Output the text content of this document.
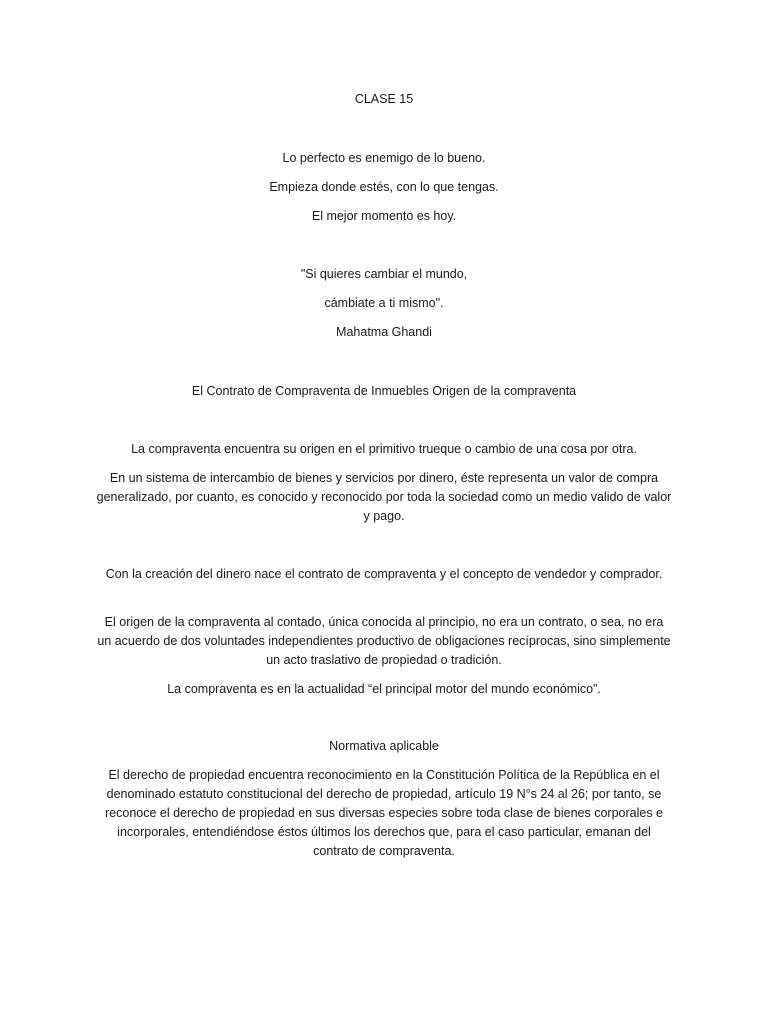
CLASE 15

Lo perfecto es enemigo de lo bueno.

Empieza donde estés, con lo que tengas.

El mejor momento es hoy.

"Si quieres cambiar el mundo,

cámbiate a ti mismo".

Mahatma Ghandi

El Contrato de Compraventa de Inmuebles Origen de la compraventa

La compraventa encuentra su origen en el primitivo trueque o cambio de una cosa por otra.

En un sistema de intercambio de bienes y servicios por dinero, éste representa un valor de compra generalizado, por cuanto, es conocido y reconocido por toda la sociedad como un medio valido de valor y pago.

Con la creación del dinero nace el contrato de compraventa y el concepto de vendedor y comprador.

El origen de la compraventa al contado, única conocida al principio, no era un contrato, o sea, no era un acuerdo de dos voluntades independientes productivo de obligaciones recíprocas, sino simplemente un acto traslativo de propiedad o tradición.

La compraventa es en la actualidad “el principal motor del mundo económico”.

Normativa aplicable

El derecho de propiedad encuentra reconocimiento en la Constitución Política de la República en el denominado estatuto constitucional del derecho de propiedad, artículo 19 N°s 24 al 26; por tanto, se reconoce el derecho de propiedad en sus diversas especies sobre toda clase de bienes corporales e incorporales, entendiéndose éstos últimos los derechos que, para el caso particular, emanan del contrato de compraventa.
